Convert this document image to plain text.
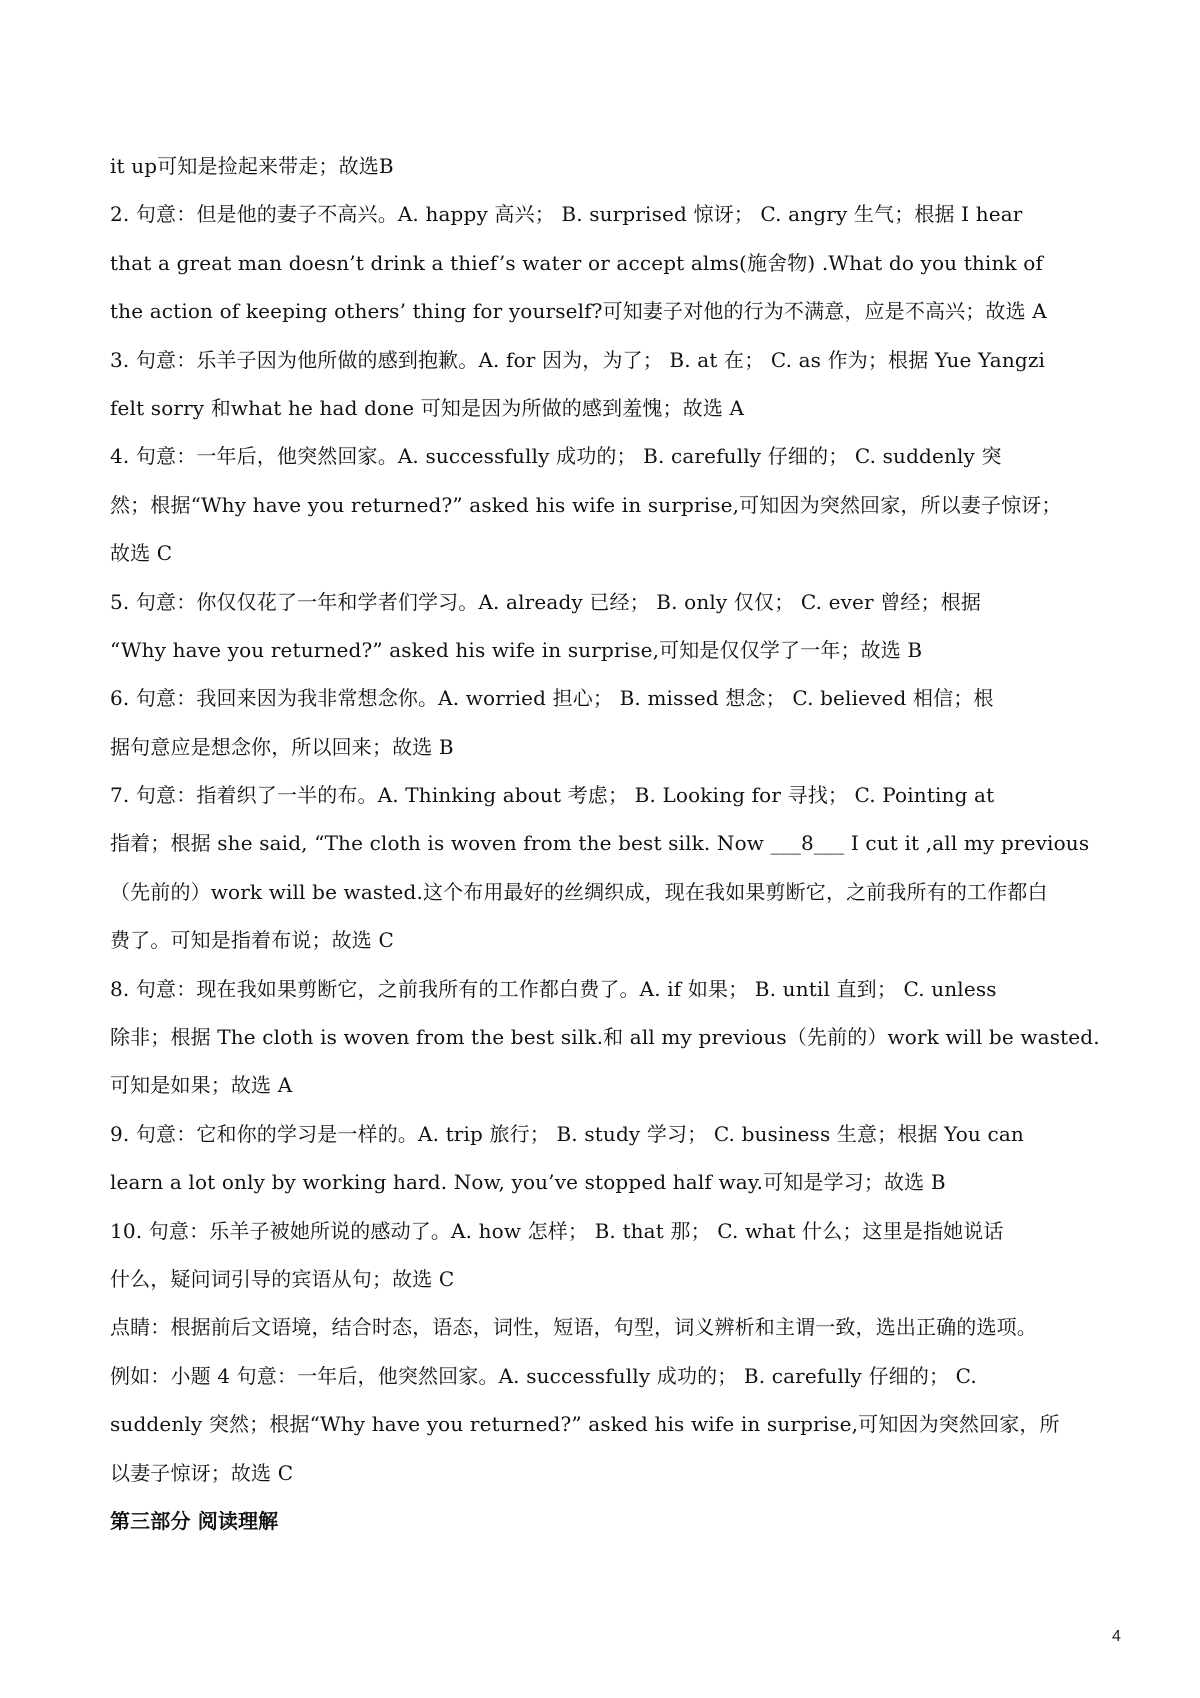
it up可知是捡起来带走；故选B
2. 句意：但是他的妻子不高兴。A. happy 高兴； B. surprised 惊讶； C. angry 生气；根据 I hear
that a great man doesn’t drink a thief’s water or accept alms(施舍物) .What do you think of
the action of keeping others’ thing for yourself?可知妻子对他的行为不满意，应是不高兴；故选 A
3. 句意：乐羊子因为他所做的感到抱歉。A. for 因为，为了； B. at 在； C. as 作为；根据 Yue Yangzi
felt sorry 和what he had done 可知是因为所做的感到羞愧；故选 A
4. 句意：一年后，他突然回家。A. successfully 成功的； B. carefully 仔细的； C. suddenly 突
然；根据“Why have you returned?” asked his wife in surprise,可知因为突然回家，所以妻子惊讶；
故选 C
5. 句意：你仅仅花了一年和学者们学习。A. already 已经； B. only 仅仅； C. ever 曾经；根据
“Why have you returned?” asked his wife in surprise,可知是仅仅学了一年；故选 B
6. 句意：我回来因为我非常想念你。A. worried 担心； B. missed 想念； C. believed 相信；根
据句意应是想念你，所以回来；故选 B
7. 句意：指着织了一半的布。A. Thinking about 考虑； B. Looking for 寻找； C. Pointing at
指着；根据 she said, “The cloth is woven from the best silk. Now ___8___ I cut it ,all my previous
（先前的）work will be wasted.这个布用最好的丝绸织成，现在我如果剪断它，之前我所有的工作都白
费了。可知是指着布说；故选 C
8. 句意：现在我如果剪断它，之前我所有的工作都白费了。A. if 如果； B. until 直到； C. unless
除非；根据 The cloth is woven from the best silk.和 all my previous（先前的）work will be wasted.
可知是如果；故选 A
9. 句意：它和你的学习是一样的。A. trip 旅行； B. study 学习； C. business 生意；根据 You can
learn a lot only by working hard. Now, you’ve stopped half way.可知是学习；故选 B
10. 句意：乐羊子被她所说的感动了。A. how 怎样； B. that 那； C. what 什么；这里是指她说话
什么，疑问词引导的宾语从句；故选 C
点睛：根据前后文语境，结合时态，语态，词性，短语，句型，词义辨析和主谓一致，选出正确的选项。
例如：小题 4 句意：一年后，他突然回家。A. successfully 成功的； B. carefully 仔细的； C.
suddenly 突然；根据“Why have you returned?” asked his wife in surprise,可知因为突然回家，所
以妻子惊讶；故选 C
第三部分 阅读理解
4
